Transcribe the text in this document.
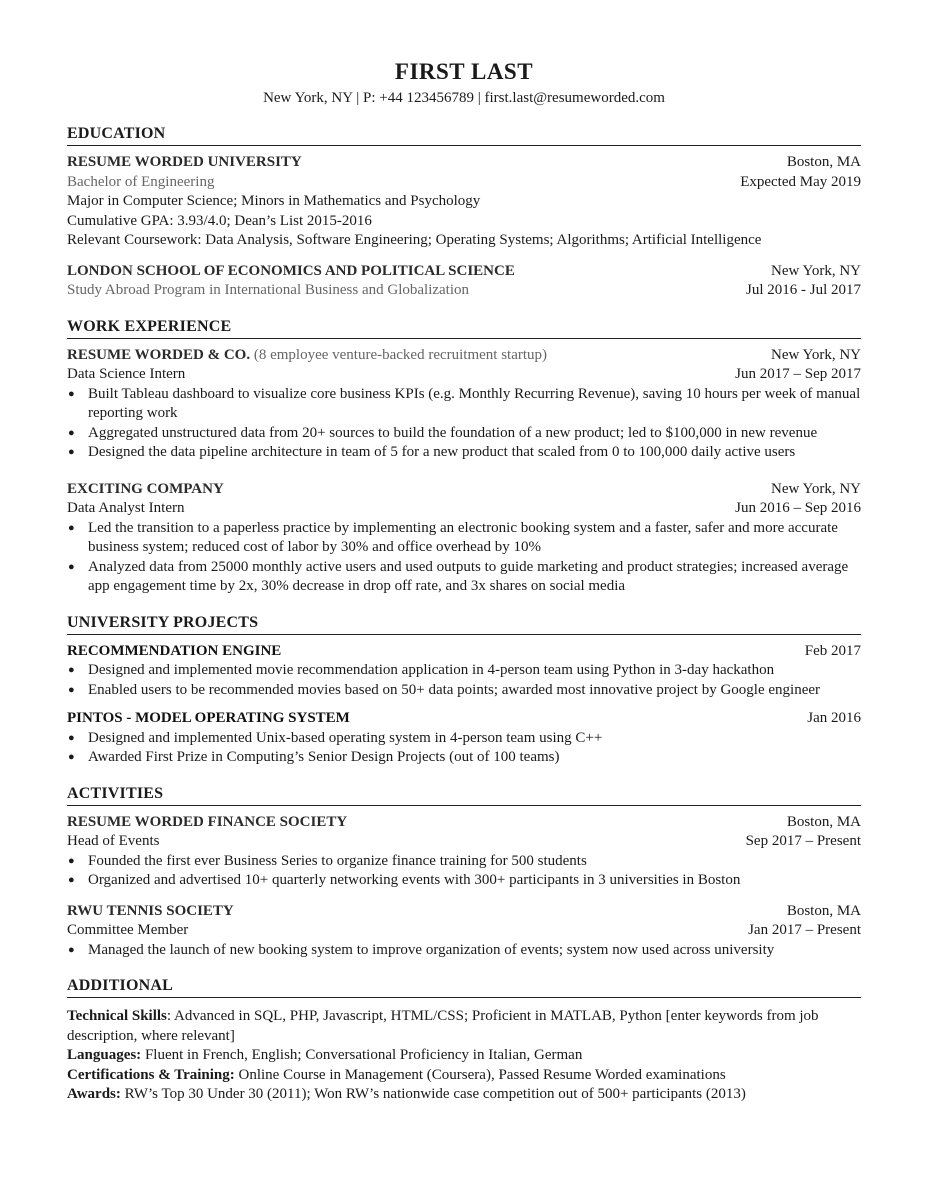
FIRST LAST
New York, NY | P: +44 123456789 | first.last@resumeworded.com
EDUCATION
RESUME WORDED UNIVERSITY	Boston, MA
Bachelor of Engineering	Expected May 2019
Major in Computer Science; Minors in Mathematics and Psychology
Cumulative GPA: 3.93/4.0; Dean’s List 2015-2016
Relevant Coursework: Data Analysis, Software Engineering; Operating Systems; Algorithms; Artificial Intelligence
LONDON SCHOOL OF ECONOMICS AND POLITICAL SCIENCE	New York, NY
Study Abroad Program in International Business and Globalization	Jul 2016 - Jul 2017
WORK EXPERIENCE
RESUME WORDED & CO. (8 employee venture-backed recruitment startup)	New York, NY
Data Science Intern	Jun 2017 – Sep 2017
● Built Tableau dashboard to visualize core business KPIs (e.g. Monthly Recurring Revenue), saving 10 hours per week of manual reporting work
● Aggregated unstructured data from 20+ sources to build the foundation of a new product; led to $100,000 in new revenue
● Designed the data pipeline architecture in team of 5 for a new product that scaled from 0 to 100,000 daily active users
EXCITING COMPANY	New York, NY
Data Analyst Intern	Jun 2016 – Sep 2016
● Led the transition to a paperless practice by implementing an electronic booking system and a faster, safer and more accurate business system; reduced cost of labor by 30% and office overhead by 10%
● Analyzed data from 25000 monthly active users and used outputs to guide marketing and product strategies; increased average app engagement time by 2x, 30% decrease in drop off rate, and 3x shares on social media
UNIVERSITY PROJECTS
RECOMMENDATION ENGINE	Feb 2017
● Designed and implemented movie recommendation application in 4-person team using Python in 3-day hackathon
● Enabled users to be recommended movies based on 50+ data points; awarded most innovative project by Google engineer
PINTOS - MODEL OPERATING SYSTEM	Jan 2016
● Designed and implemented Unix-based operating system in 4-person team using C++
● Awarded First Prize in Computing’s Senior Design Projects (out of 100 teams)
ACTIVITIES
RESUME WORDED FINANCE SOCIETY	Boston, MA
Head of Events	Sep 2017 – Present
● Founded the first ever Business Series to organize finance training for 500 students
● Organized and advertised 10+ quarterly networking events with 300+ participants in 3 universities in Boston
RWU TENNIS SOCIETY	Boston, MA
Committee Member	Jan 2017 – Present
● Managed the launch of new booking system to improve organization of events; system now used across university
ADDITIONAL
Technical Skills: Advanced in SQL, PHP, Javascript, HTML/CSS; Proficient in MATLAB, Python [enter keywords from job description, where relevant]
Languages: Fluent in French, English; Conversational Proficiency in Italian, German
Certifications & Training: Online Course in Management (Coursera), Passed Resume Worded examinations
Awards: RW’s Top 30 Under 30 (2011); Won RW’s nationwide case competition out of 500+ participants (2013)
